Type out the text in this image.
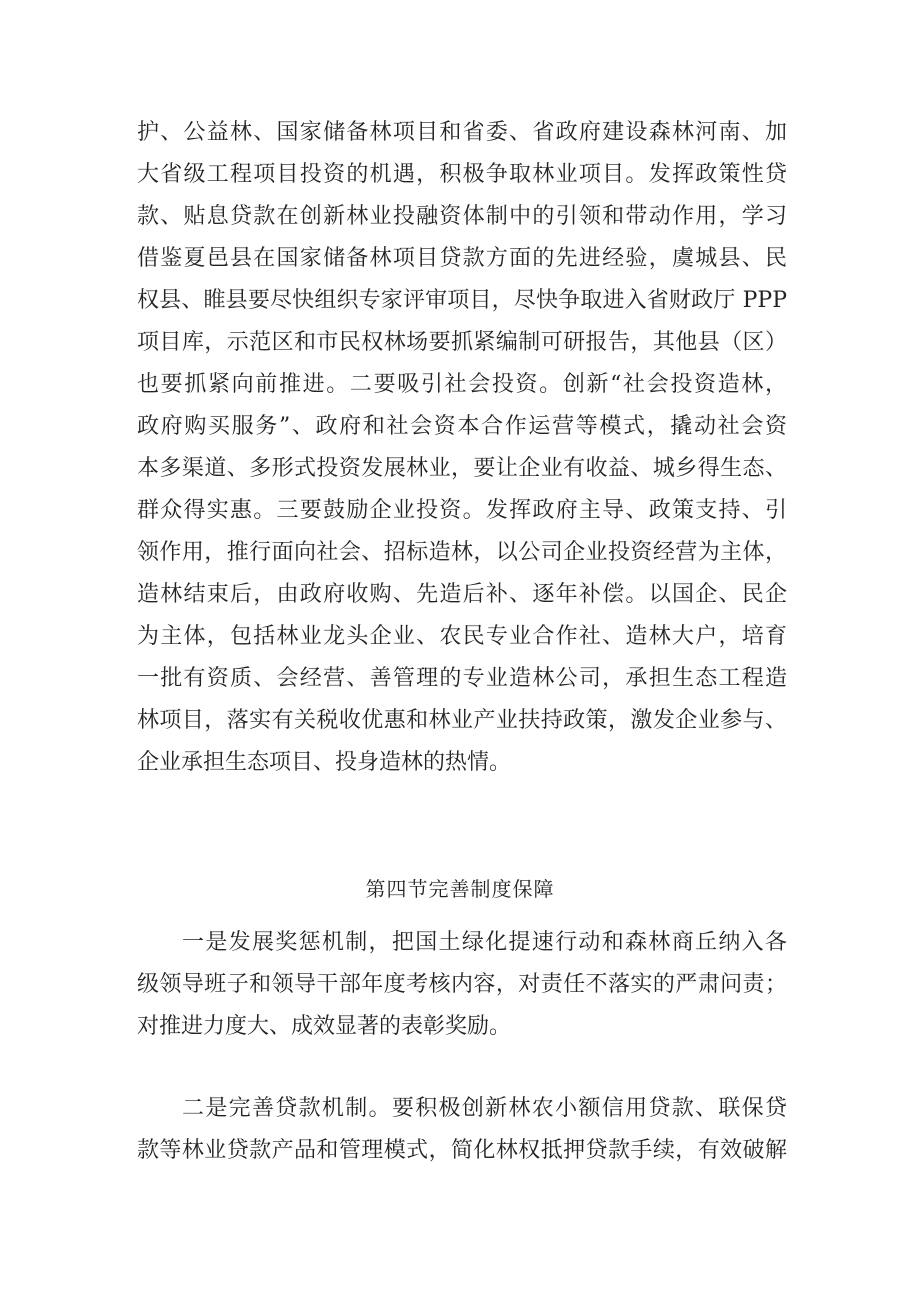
护、公益林、国家储备林项目和省委、省政府建设森林河南、加
大省级工程项目投资的机遇，积极争取林业项目。发挥政策性贷
款、贴息贷款在创新林业投融资体制中的引领和带动作用，学习
借鉴夏邑县在国家储备林项目贷款方面的先进经验，虞城县、民
权县、睢县要尽快组织专家评审项目，尽快争取进入省财政厅 PPP
项目库，示范区和市民权林场要抓紧编制可研报告，其他县（区）
也要抓紧向前推进。二要吸引社会投资。创新“社会投资造林，
政府购买服务”、政府和社会资本合作运营等模式，撬动社会资
本多渠道、多形式投资发展林业，要让企业有收益、城乡得生态、
群众得实惠。三要鼓励企业投资。发挥政府主导、政策支持、引
领作用，推行面向社会、招标造林，以公司企业投资经营为主体，
造林结束后，由政府收购、先造后补、逐年补偿。以国企、民企
为主体，包括林业龙头企业、农民专业合作社、造林大户，培育
一批有资质、会经营、善管理的专业造林公司，承担生态工程造
林项目，落实有关税收优惠和林业产业扶持政策，激发企业参与、
企业承担生态项目、投身造林的热情。
第四节完善制度保障
一是发展奖惩机制，把国土绿化提速行动和森林商丘纳入各
级领导班子和领导干部年度考核内容，对责任不落实的严肃问责；
对推进力度大、成效显著的表彰奖励。
二是完善贷款机制。要积极创新林农小额信用贷款、联保贷
款等林业贷款产品和管理模式，简化林权抵押贷款手续，有效破解
